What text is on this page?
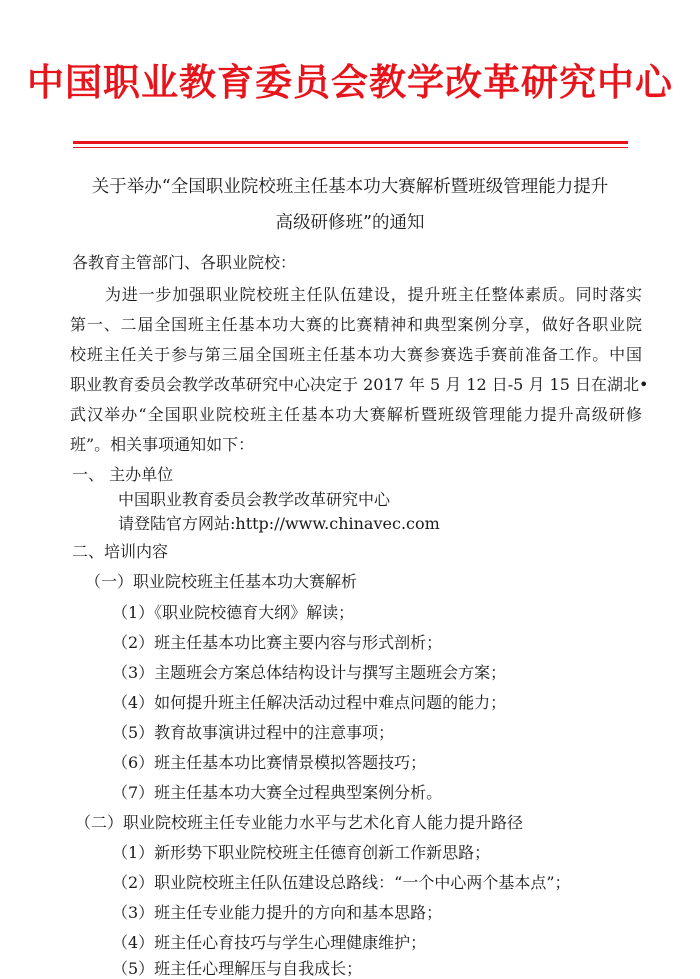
中国职业教育委员会教学改革研究中心
关于举办“全国职业院校班主任基本功大赛解析暨班级管理能力提升
高级研修班”的通知
各教育主管部门、各职业院校：
为进一步加强职业院校班主任队伍建设，提升班主任整体素质。同时落实
第一、二届全国班主任基本功大赛的比赛精神和典型案例分享，做好各职业院
校班主任关于参与第三届全国班主任基本功大赛参赛选手赛前准备工作。中国
职业教育委员会教学改革研究中心决定于 2017 年 5 月 12 日-5 月 15 日在湖北•
武汉举办“全国职业院校班主任基本功大赛解析暨班级管理能力提升高级研修
班”。相关事项通知如下：
一、 主办单位
中国职业教育委员会教学改革研究中心
请登陆官方网站:http://www.chinavec.com
二、培训内容
（一）职业院校班主任基本功大赛解析
（1）《职业院校德育大纲》解读；
（2）班主任基本功比赛主要内容与形式剖析；
（3）主题班会方案总体结构设计与撰写主题班会方案；
（4）如何提升班主任解决活动过程中难点问题的能力；
（5）教育故事演讲过程中的注意事项；
（6）班主任基本功比赛情景模拟答题技巧；
（7）班主任基本功大赛全过程典型案例分析。
（二）职业院校班主任专业能力水平与艺术化育人能力提升路径
（1）新形势下职业院校班主任德育创新工作新思路；
（2）职业院校班主任队伍建设总路线：“一个中心两个基本点”；
（3）班主任专业能力提升的方向和基本思路；
（4）班主任心育技巧与学生心理健康维护；
（5）班主任心理解压与自我成长；
